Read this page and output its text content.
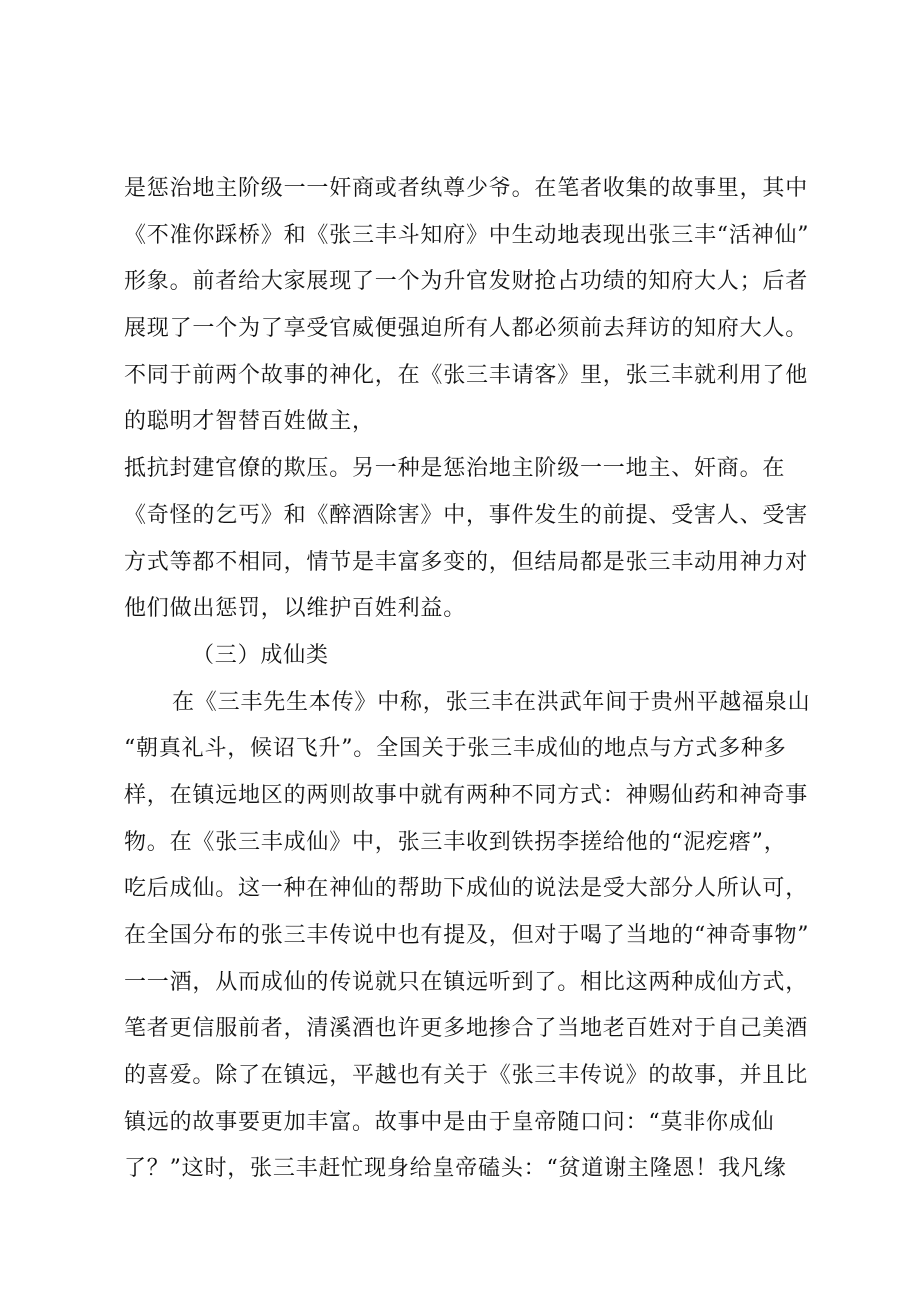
是惩治地主阶级一一奸商或者纨尊少爷。在笔者收集的故事里，其中
《不准你踩桥》和《张三丰斗知府》中生动地表现出张三丰“活神仙”
形象。前者给大家展现了一个为升官发财抢占功绩的知府大人；后者
展现了一个为了享受官威便强迫所有人都必须前去拜访的知府大人。
不同于前两个故事的神化，在《张三丰请客》里，张三丰就利用了他
的聪明才智替百姓做主，
抵抗封建官僚的欺压。另一种是惩治地主阶级一一地主、奸商。在
《奇怪的乞丐》和《醉酒除害》中，事件发生的前提、受害人、受害
方式等都不相同，情节是丰富多变的，但结局都是张三丰动用神力对
他们做出惩罚，以维护百姓利益。
（三）成仙类
在《三丰先生本传》中称，张三丰在洪武年间于贵州平越福泉山
“朝真礼斗，候诏飞升”。全国关于张三丰成仙的地点与方式多种多
样，在镇远地区的两则故事中就有两种不同方式：神赐仙药和神奇事
物。在《张三丰成仙》中，张三丰收到铁拐李搓给他的“泥疙瘩”，
吃后成仙。这一种在神仙的帮助下成仙的说法是受大部分人所认可，
在全国分布的张三丰传说中也有提及，但对于喝了当地的“神奇事物”
一一酒，从而成仙的传说就只在镇远听到了。相比这两种成仙方式，
笔者更信服前者，清溪酒也许更多地掺合了当地老百姓对于自己美酒
的喜爱。除了在镇远，平越也有关于《张三丰传说》的故事，并且比
镇远的故事要更加丰富。故事中是由于皇帝随口问：“莫非你成仙
了？”这时，张三丰赶忙现身给皇帝磕头：“贫道谢主隆恩！我凡缘
